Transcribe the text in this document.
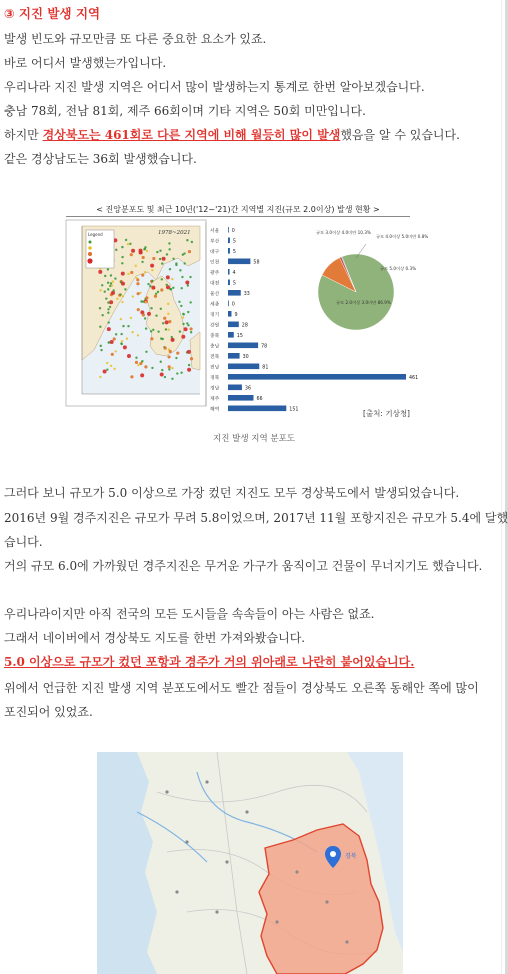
③ 지진 발생 지역
발생 빈도와 규모만큼 또 다른 중요한 요소가 있죠.
바로 어디서 발생했는가입니다.
우리나라 지진 발생 지역은 어디서 많이 발생하는지 통계로 한번 알아보겠습니다.
충남 78회, 전남 81회, 제주 66회이며 기타 지역은 50회 미만입니다.
하지만 경상북도는 461회로 다른 지역에 비해 월등히 많이 발생했음을 알 수 있습니다.
같은 경상남도는 36회 발생했습니다.
< 진앙분포도 및 최근 10년('12~'21)간 지역별 지진(규모 2.0이상) 발생 현황 >
Legend	1978~2021	서울	0
부산	5
대구	5
인천	58
광주	4
대전	5
울산	33
세종	0
경기	9
강원	28
충북	15
충남	78
전북	30
전남	81
경북	461
경남	36
제주	66
해역	151
규모 3.0이상 4.0미만 10.3%
규모 4.0이상 5.0미만 0.8%
규모 5.0이상 0.3%
규모 2.0이상 3.0미만 86.9%
[출처: 기상청]
지진 발생 지역 분포도
그러다 보니 규모가 5.0 이상으로 가장 컸던 지진도 모두 경상북도에서 발생되었습니다.
2016년 9월 경주지진은 규모가 무려 5.8이었으며, 2017년 11월 포항지진은 규모가 5.4에 달했
습니다.
거의 규모 6.0에 가까웠던 경주지진은 무거운 가구가 움직이고 건물이 무너지기도 했습니다.
우리나라이지만 아직 전국의 모든 도시들을 속속들이 아는 사람은 없죠.
그래서 네이버에서 경상북도 지도를 한번 가져와봤습니다.
5.0 이상으로 규모가 컸던 포항과 경주가 거의 위아래로 나란히 붙어있습니다.
위에서 언급한 지진 발생 지역 분포도에서도 빨간 점들이 경상북도 오른쪽 동해안 쪽에 많이
포진되어 있었죠.
경북
